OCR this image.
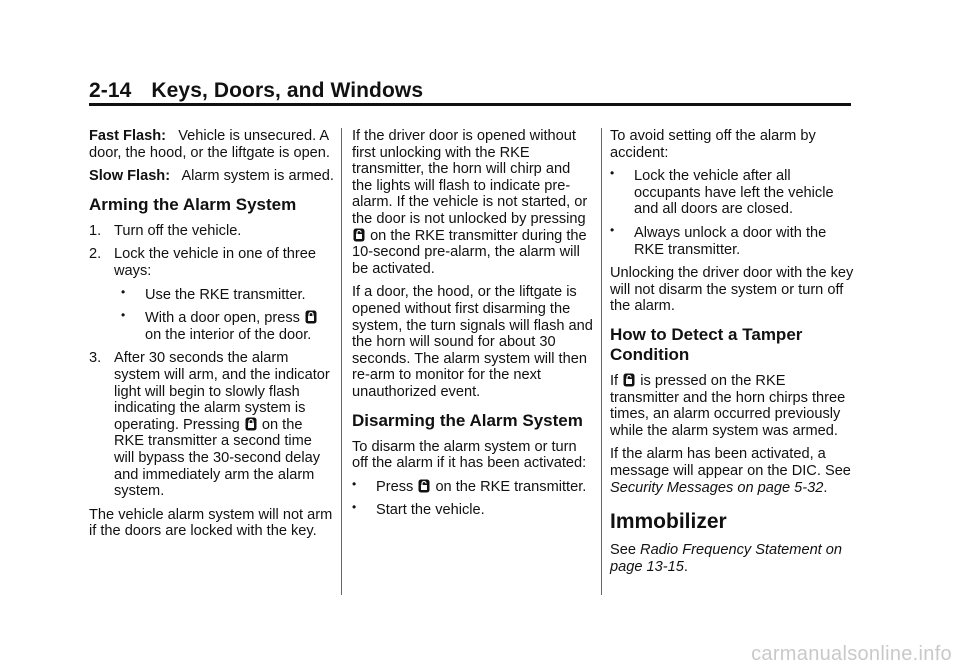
2-14 Keys, Doors, and Windows

Fast Flash: Vehicle is unsecured. A door, the hood, or the liftgate is open.

Slow Flash: Alarm system is armed.

Arming the Alarm System
1. Turn off the vehicle.
2. Lock the vehicle in one of three ways:
• Use the RKE transmitter.
• With a door open, press
on the interior of the door.
3. After 30 seconds the alarm system will arm, and the indicator light will begin to slowly flash indicating the alarm system is operating. Pressing on the RKE transmitter a second time will bypass the 30-second delay and immediately arm the alarm system.

The vehicle alarm system will not arm if the doors are locked with the key.

If the driver door is opened without first unlocking with the RKE transmitter, the horn will chirp and the lights will flash to indicate pre-alarm. If the vehicle is not started, or the door is not unlocked by pressing
on the RKE transmitter during the 10-second pre-alarm, the alarm will be activated.

If a door, the hood, or the liftgate is opened without first disarming the system, the turn signals will flash and the horn will sound for about 30 seconds. The alarm system will then re-arm to monitor for the next unauthorized event.

Disarming the Alarm System

To disarm the alarm system or turn off the alarm if it has been activated:

• Press on the RKE transmitter.
• Start the vehicle.

To avoid setting off the alarm by accident:

• Lock the vehicle after all occupants have left the vehicle and all doors are closed.
• Always unlock a door with the RKE transmitter.

Unlocking the driver door with the key will not disarm the system or turn off the alarm.

How to Detect a Tamper Condition

If is pressed on the RKE transmitter and the horn chirps three times, an alarm occurred previously while the alarm system was armed.

If the alarm has been activated, a message will appear on the DIC. See Security Messages on page 5-32.

Immobilizer

See Radio Frequency Statement on page 13-15.

carmanualsonline.info
